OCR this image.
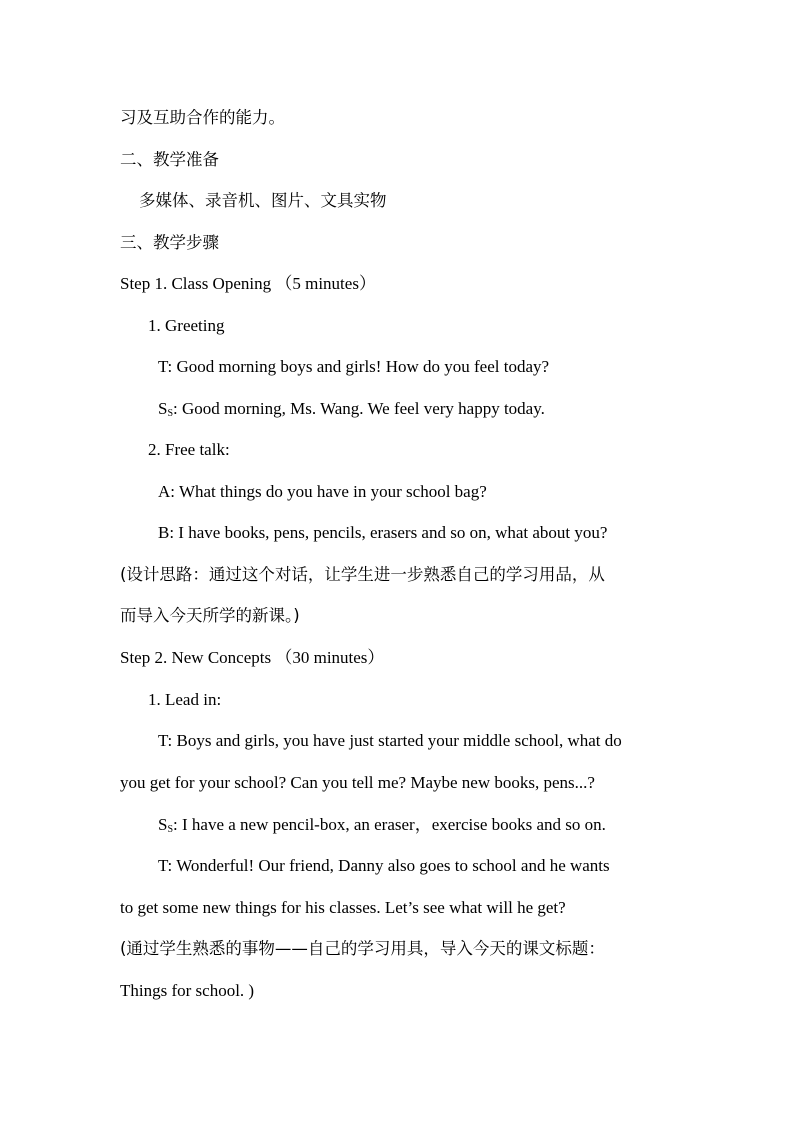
习及互助合作的能力。
二、教学准备
多媒体、录音机、图片、文具实物
三、教学步骤
Step 1. Class Opening （5 minutes）
1. Greeting
T: Good morning boys and girls! How do you feel today?
$S_S$: Good morning, Ms. Wang. We feel very happy today.
2. Free talk:
A: What things do you have in your school bag?
B: I have books, pens, pencils, erasers and so on, what about you?
(设计思路：通过这个对话，让学生进一步熟悉自己的学习用品，从
而导入今天所学的新课。)
Step 2. New Concepts （30 minutes）
1. Lead in:
T: Boys and girls, you have just started your middle school, what do
you get for your school? Can you tell me? Maybe new books, pens...?
$S_S$: I have a new pencil-box, an eraser，exercise books and so on.
T: Wonderful! Our friend, Danny also goes to school and he wants
to get some new things for his classes. Let’s see what will he get?
(通过学生熟悉的事物——自己的学习用具，导入今天的课文标题：
Things for school. )
